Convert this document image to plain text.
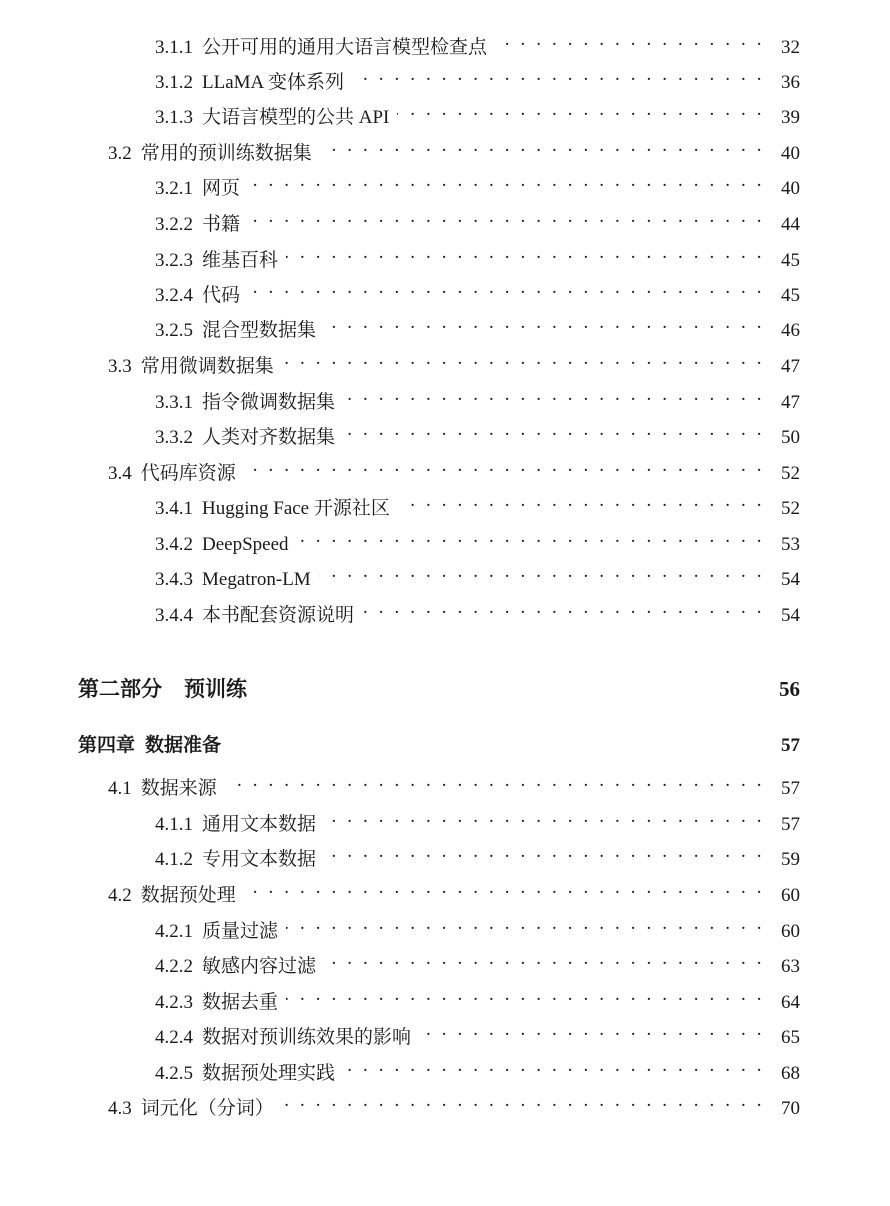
3.1.1 公开可用的通用大语言模型检查点 . .	32
3.1.2 LLaMA 变体系列 . .	36
3.1.3 大语言模型的公共 API . .	39
3.2 常用的预训练数据集 . .	40
3.2.1 网页 . .	40
3.2.2 书籍 . .	44
3.2.3 维基百科 . .	45
3.2.4 代码 . .	45
3.2.5 混合型数据集 . .	46
3.3 常用微调数据集 . .	47
3.3.1 指令微调数据集 . .	47
3.3.2 人类对齐数据集 . .	50
3.4 代码库资源 . .	52
3.4.1 Hugging Face 开源社区 . .	52
3.4.2 DeepSpeed . .	53
3.4.3 Megatron-LM . .	54
3.4.4 本书配套资源说明 . .	54
第二部分	预训练	56
第四章 数据准备	57
4.1 数据来源 . .	57
4.1.1 通用文本数据 . .	57
4.1.2 专用文本数据 . .	59
4.2 数据预处理 . .	60
4.2.1 质量过滤 . .	60
4.2.2 敏感内容过滤 . .	63
4.2.3 数据去重 . .	64
4.2.4 数据对预训练效果的影响 . .	65
4.2.5 数据预处理实践 . .	68
4.3 词元化（分词） . .	70
